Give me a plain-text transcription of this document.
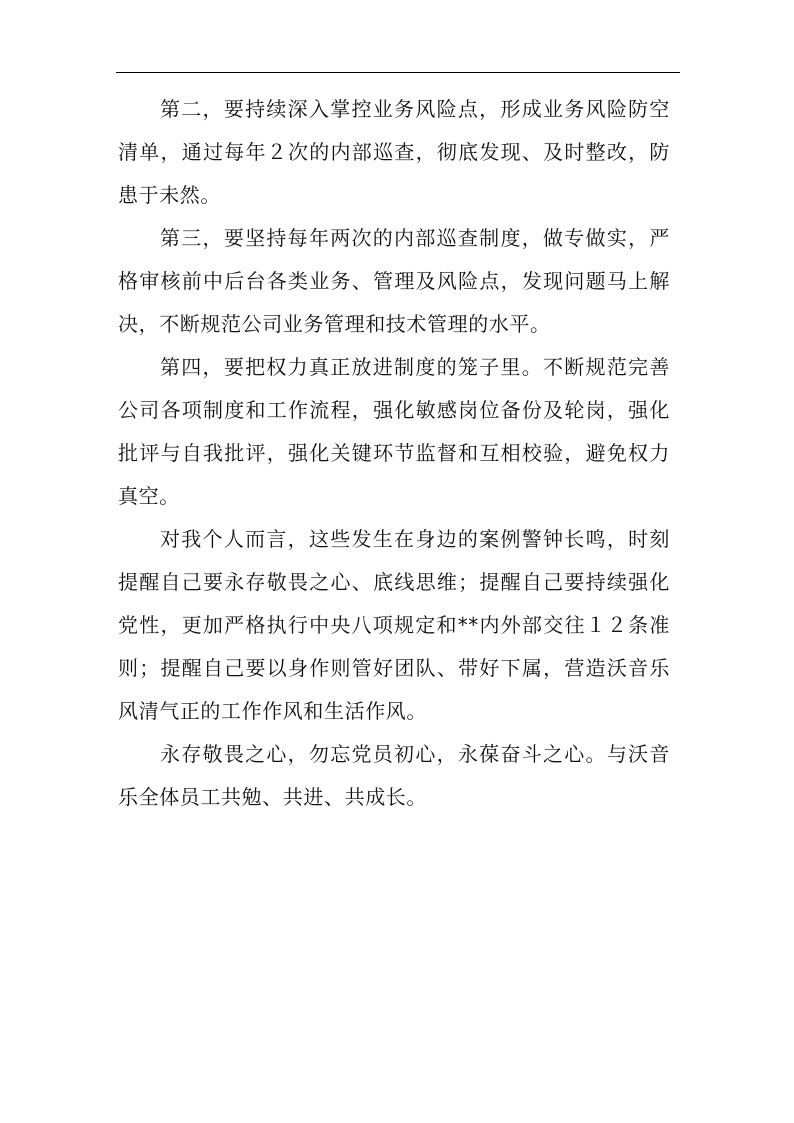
第二，要持续深入掌控业务风险点，形成业务风险防空清单，通过每年２次的内部巡查，彻底发现、及时整改，防患于未然。

第三，要坚持每年两次的内部巡查制度，做专做实，严格审核前中后台各类业务、管理及风险点，发现问题马上解决，不断规范公司业务管理和技术管理的水平。

第四，要把权力真正放进制度的笼子里。不断规范完善公司各项制度和工作流程，强化敏感岗位备份及轮岗，强化批评与自我批评，强化关键环节监督和互相校验，避免权力真空。

对我个人而言，这些发生在身边的案例警钟长鸣，时刻提醒自己要永存敬畏之心、底线思维；提醒自己要持续强化党性，更加严格执行中央八项规定和**内外部交往１２条准则；提醒自己要以身作则管好团队、带好下属，营造沃音乐风清气正的工作作风和生活作风。

永存敬畏之心，勿忘党员初心，永葆奋斗之心。与沃音乐全体员工共勉、共进、共成长。
